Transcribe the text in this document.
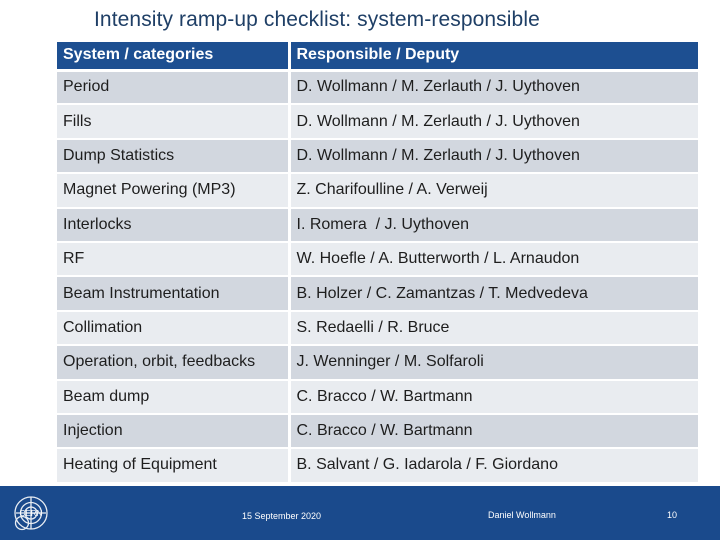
Intensity ramp-up checklist: system-responsible
System / categories	Responsible / Deputy
Period	D. Wollmann / M. Zerlauth / J. Uythoven
Fills	D. Wollmann / M. Zerlauth / J. Uythoven
Dump Statistics	D. Wollmann / M. Zerlauth / J. Uythoven
Magnet Powering (MP3)	Z. Charifoulline / A. Verweij
Interlocks	I. Romera  / J. Uythoven
RF	W. Hoefle / A. Butterworth / L. Arnaudon
Beam Instrumentation	B. Holzer / C. Zamantzas / T. Medvedeva
Collimation	S. Redaelli / R. Bruce
Operation, orbit, feedbacks	J. Wenninger / M. Solfaroli
Beam dump	C. Bracco / W. Bartmann
Injection	C. Bracco / W. Bartmann
Heating of Equipment	B. Salvant / G. Iadarola / F. Giordano
CERN	15 September 2020	Daniel Wollmann	10
